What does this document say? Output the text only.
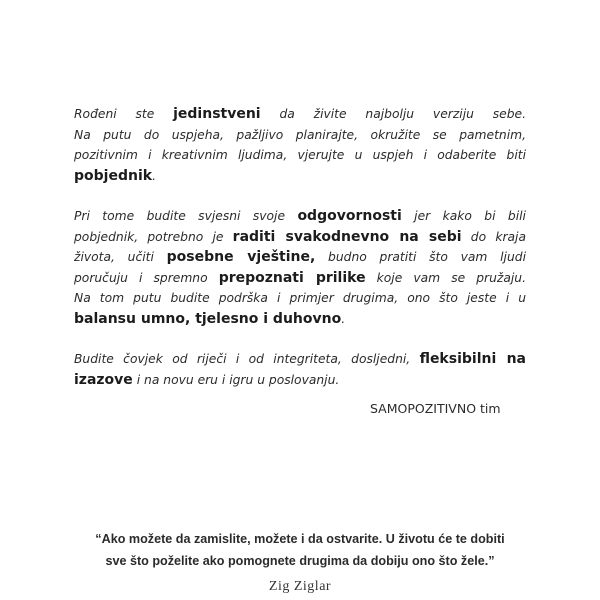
Rođeni ste jedinstveni da živite najbolju verziju sebe.
Na putu do uspjeha, pažljivo planirajte, okružite se pametnim,
pozitivnim i kreativnim ljudima, vjerujte u uspjeh i odaberite biti
pobjednik.

Pri tome budite svjesni svoje odgovornosti jer kako bi bili
pobjednik, potrebno je raditi svakodnevno na sebi do kraja
života, učiti posebne vještine, budno pratiti što vam ljudi
poručuju i spremno prepoznati prilike koje vam se pružaju.
Na tom putu budite podrška i primjer drugima, ono što jeste i u
balansu umno, tjelesno i duhovno.

Budite čovjek od riječi i od integriteta, dosljedni, fleksibilni na
izazove i na novu eru i igru u poslovanju.

SAMOPOZITIVNO tim
“Ako možete da zamislite, možete i da ostvarite. U životu će te dobiti
sve što poželite ako pomognete drugima da dobiju ono što žele.”
Zig Ziglar
